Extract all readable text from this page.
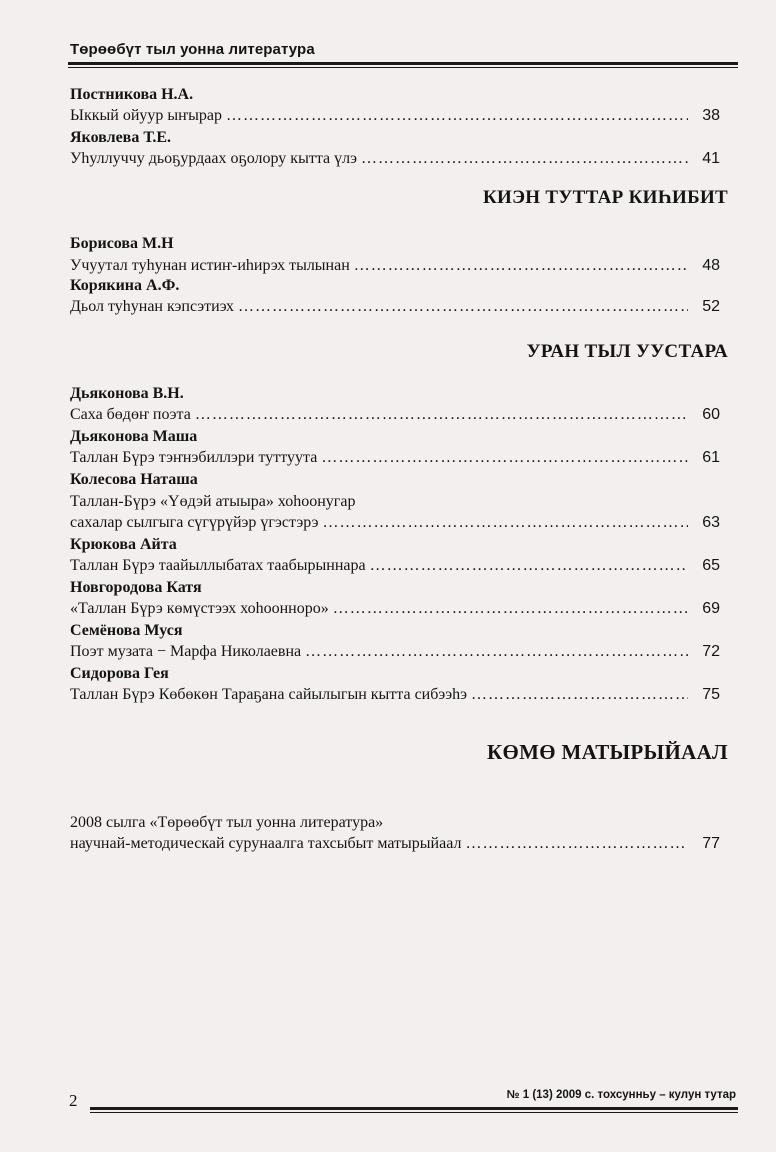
Төрөөбүт тыл уонна литература
Постникова Н.А.
Ыккый ойуур ыҥырар ……………………………………………………………………………………………………………………………………………………………………………………	38
Яковлева Т.Е.
Уһуллуччу дьоҕурдаах оҕолору кытта үлэ ……………………………………………………………………………………………………………………………………………………………………………………	41
КИЭН ТУТТАР КИҺИБИТ
Борисова М.Н
Учуутал туһунан истиҥ-иһирэх тылынан ……………………………………………………………………………………………………………………………………………………………………………………	48
Корякина А.Ф.
Дьол туһунан кэпсэтиэх ……………………………………………………………………………………………………………………………………………………………………………………	52
УРАН ТЫЛ УУСТАРА
Дьяконова В.Н.
Саха бөдөҥ поэта ……………………………………………………………………………………………………………………………………………………………………………………	60
Дьяконова Маша
Таллан Бүрэ тэҥнэбиллэри туттуута ……………………………………………………………………………………………………………………………………………………………………………………	61
Колесова Наташа
Таллан-Бүрэ «Үөдэй атыыра» хоһоонугар
сахалар сылгыга сүгүрүйэр үгэстэрэ ……………………………………………………………………………………………………………………………………………………………………………………	63
Крюкова Айта
Таллан Бүрэ таайыллыбатах таабырыннара ……………………………………………………………………………………………………………………………………………………………………………………	65
Новгородова Катя
«Таллан Бүрэ көмүстээх хоһооннoро» ……………………………………………………………………………………………………………………………………………………………………………………	69
Семёнова Муся
Поэт музата − Марфа Николаевна ……………………………………………………………………………………………………………………………………………………………………………………	72
Сидорова Гея
Таллан Бүрэ Көбөкөн Тараҕана сайылыгын кытта сибээһэ ……………………………………………………………………………………………………………………………………………………………………………………	75
КӨМӨ МАТЫРЫЙААЛ
2008 сылга «Төрөөбүт тыл уонна литература»
научнай-методическай сурунаалга тахсыбыт матырыйаал ……………………………………………………………………………………………………………………………………………………………………………………	77
2	№ 1 (13) 2009 с. тохсунньу – кулун тутар
